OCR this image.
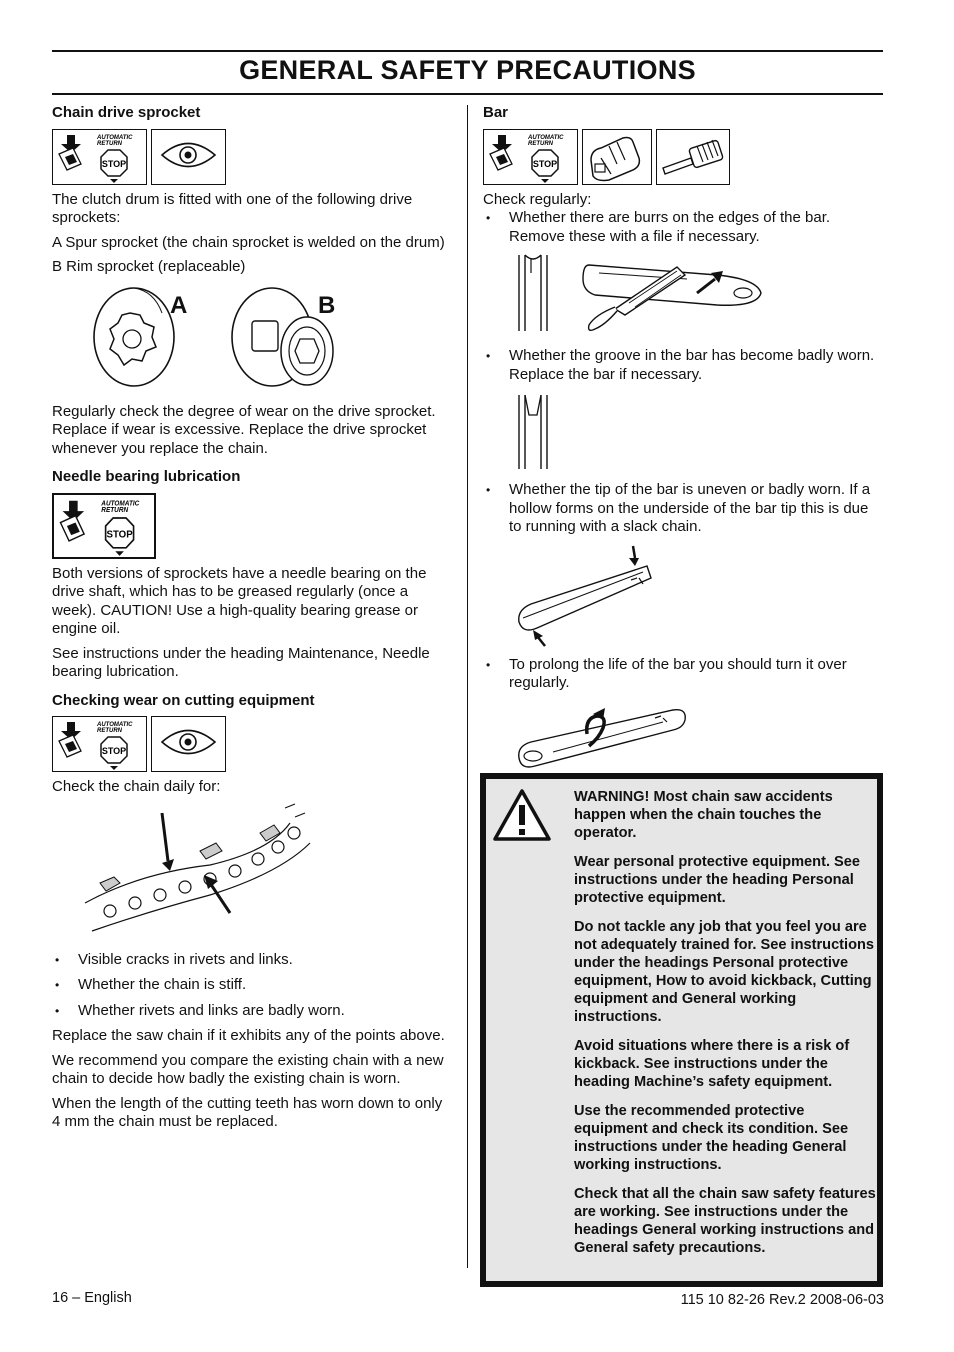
GENERAL SAFETY PRECAUTIONS

Chain drive sprocket

AUTOMATIC
RETURN
STOP

The clutch drum is fitted with one of the following drive sprockets:

A Spur sprocket (the chain sprocket is welded on the drum)

B Rim sprocket (replaceable)

A	B

Regularly check the degree of wear on the drive sprocket. Replace if wear is excessive. Replace the drive sprocket whenever you replace the chain.

Needle bearing lubrication

AUTOMATIC
RETURN
STOP

Both versions of sprockets have a needle bearing on the drive shaft, which has to be greased regularly (once a week). CAUTION! Use a high-quality bearing grease or engine oil.

See instructions under the heading Maintenance, Needle bearing lubrication.

Checking wear on cutting equipment

AUTOMATIC
RETURN
STOP

Check the chain daily for:

• Visible cracks in rivets and links.
• Whether the chain is stiff.
• Whether rivets and links are badly worn.

Replace the saw chain if it exhibits any of the points above.

We recommend you compare the existing chain with a new chain to decide how badly the existing chain is worn.

When the length of the cutting teeth has worn down to only 4 mm the chain must be replaced.

Bar

AUTOMATIC
RETURN
STOP

Check regularly:

• Whether there are burrs on the edges of the bar. Remove these with a file if necessary.
• Whether the groove in the bar has become badly worn. Replace the bar if necessary.
• Whether the tip of the bar is uneven or badly worn. If a hollow forms on the underside of the bar tip this is due to running with a slack chain.
• To prolong the life of the bar you should turn it over regularly.

WARNING! Most chain saw accidents happen when the chain touches the operator.

Wear personal protective equipment. See instructions under the heading Personal protective equipment.

Do not tackle any job that you feel you are not adequately trained for. See instructions under the headings Personal protective equipment, How to avoid kickback, Cutting equipment and General working instructions.

Avoid situations where there is a risk of kickback. See instructions under the heading Machine’s safety equipment.

Use the recommended protective equipment and check its condition. See instructions under the heading General working instructions.

Check that all the chain saw safety features are working. See instructions under the headings General working instructions and General safety precautions.

16 – English	115 10 82-26 Rev.2 2008-06-03
